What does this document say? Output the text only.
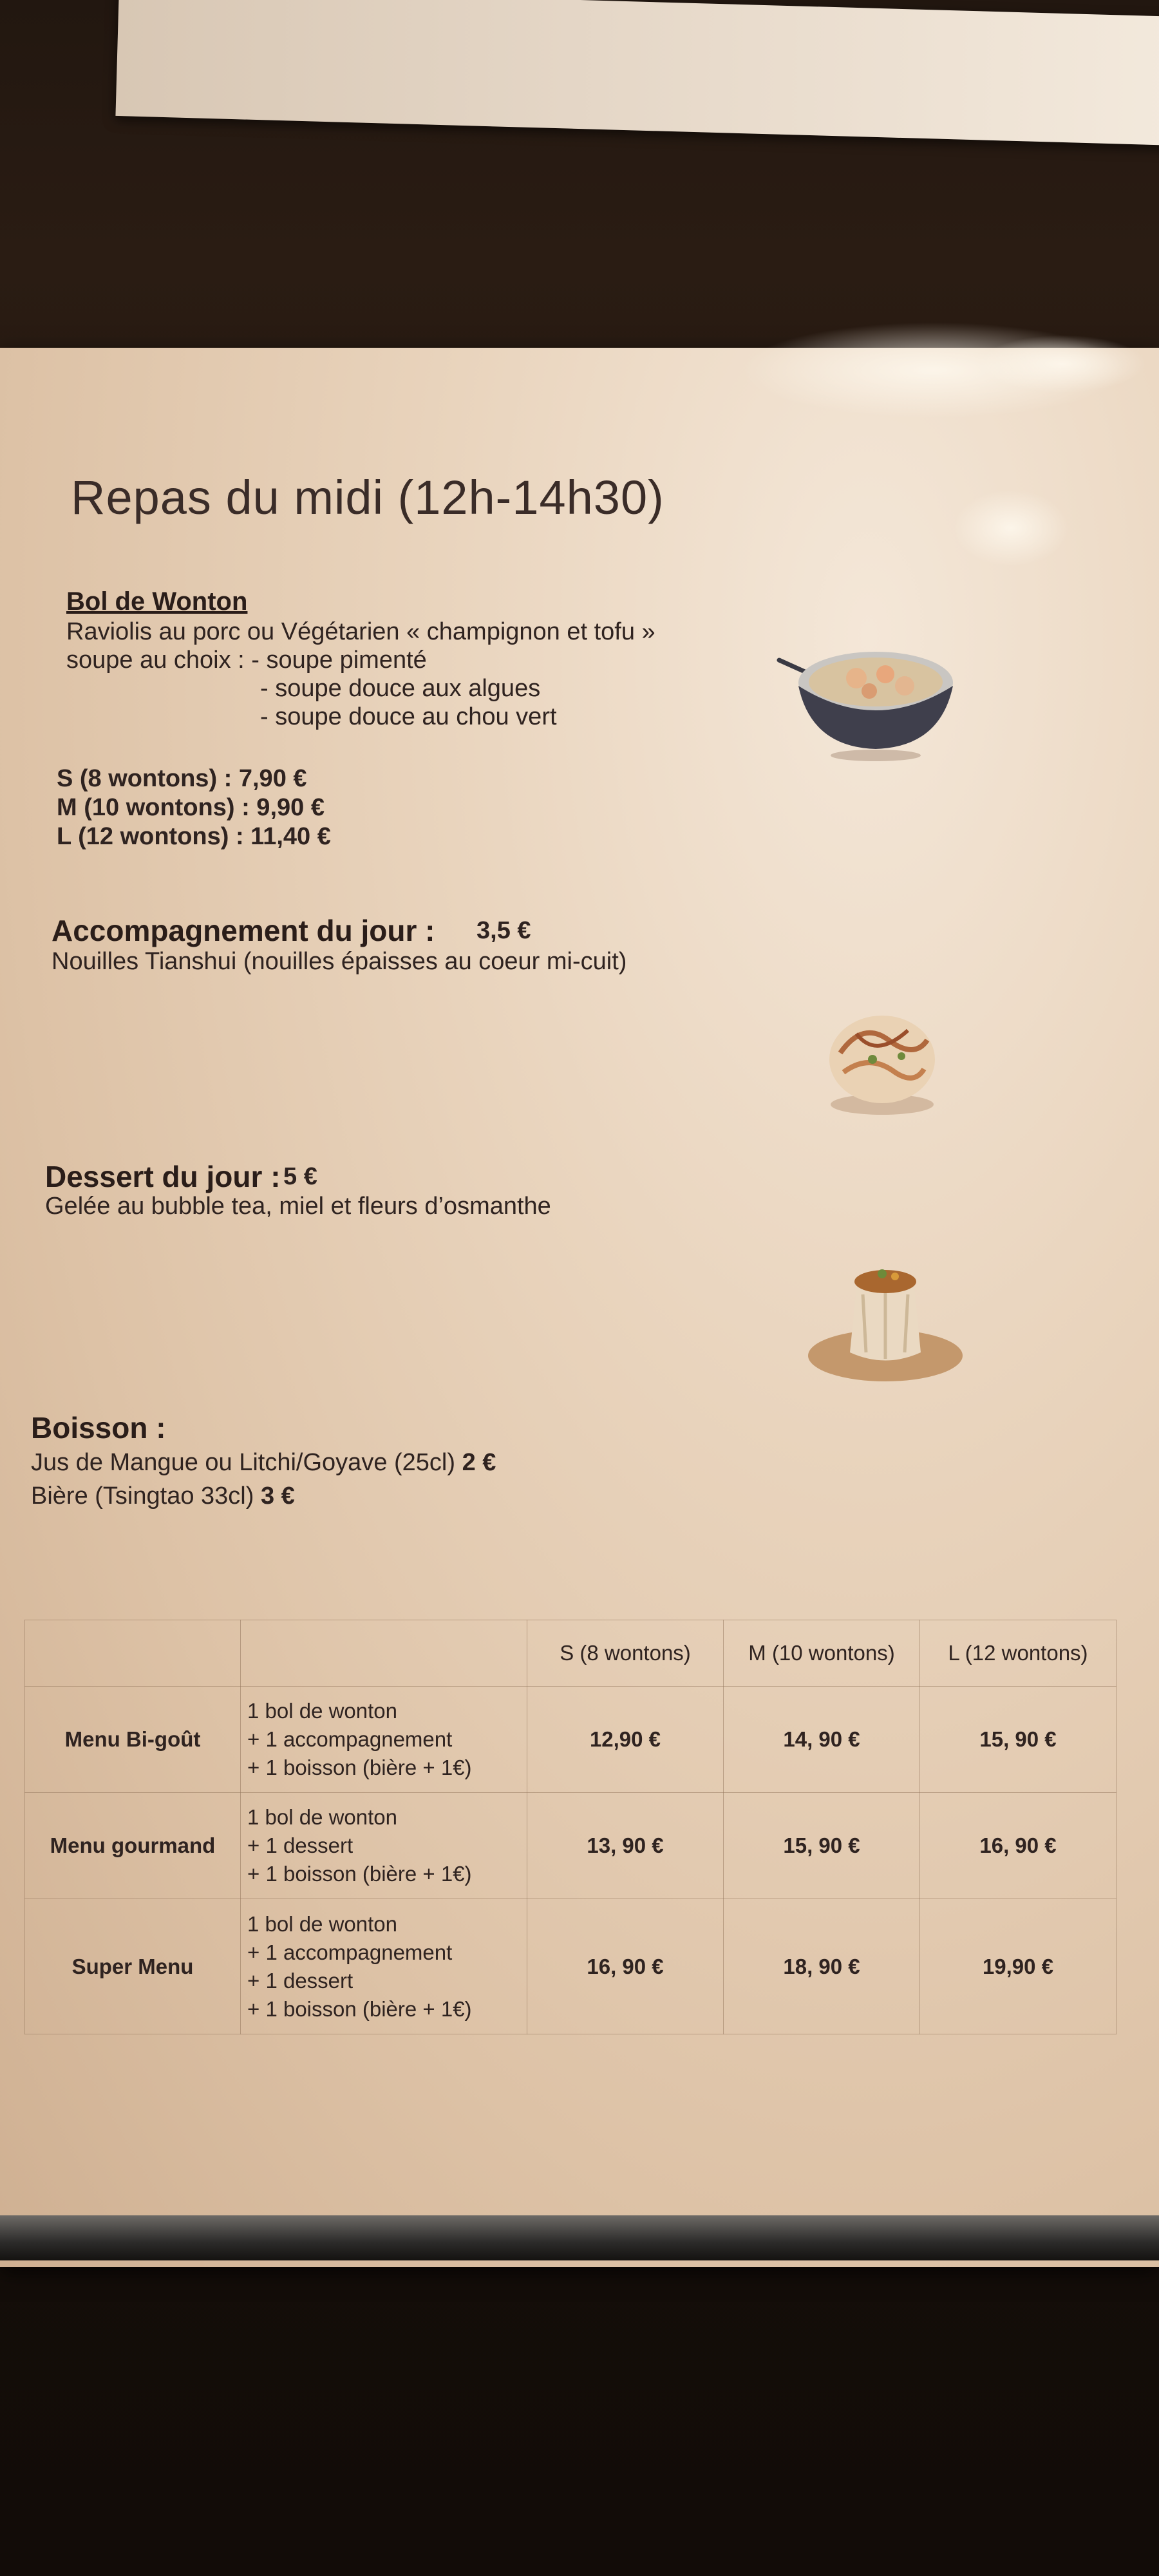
Repas du midi (12h-14h30)
Bol de Wonton
Raviolis au porc ou Végétarien « champignon et tofu »
soupe au choix : - soupe pimenté
- soupe douce aux algues
- soupe douce au chou vert
S (8 wontons) : 7,90 €
M (10 wontons) : 9,90 €
L (12 wontons) : 11,40 €
Accompagnement du jour : 3,5 €
Nouilles Tianshui (nouilles épaisses au coeur mi-cuit)
Dessert du jour : 5 €
Gelée au bubble tea, miel et fleurs d’osmanthe
Boisson :
Jus de Mangue ou Litchi/Goyave (25cl) 2 €
Bière (Tsingtao 33cl) 3 €
		S (8 wontons)	M (10 wontons)	L (12 wontons)
Menu Bi-goût	1 bol de wonton
+ 1 accompagnement
+ 1 boisson (bière + 1€)	12,90 €	14, 90 €	15, 90 €
Menu gourmand	1 bol de wonton
+ 1 dessert
+ 1 boisson (bière + 1€)	13, 90 €	15, 90 €	16, 90 €
Super Menu	1 bol de wonton
+ 1 accompagnement
+ 1 dessert
+ 1 boisson (bière + 1€)	16, 90 €	18, 90 €	19,90 €
